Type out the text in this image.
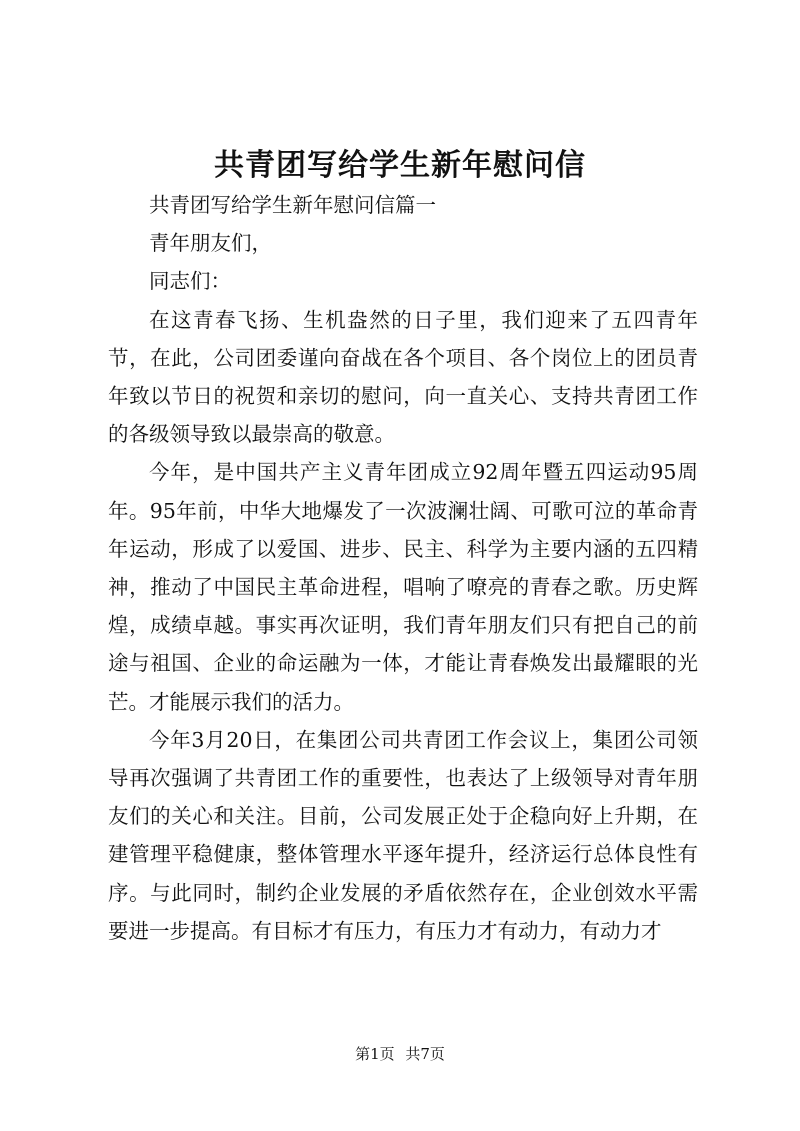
共青团写给学生新年慰问信

共青团写给学生新年慰问信篇一

青年朋友们，

同志们：

在这青春飞扬、生机盎然的日子里，我们迎来了五四青年节，在此，公司团委谨向奋战在各个项目、各个岗位上的团员青年致以节日的祝贺和亲切的慰问，向一直关心、支持共青团工作的各级领导致以最崇高的敬意。

今年，是中国共产主义青年团成立92周年暨五四运动95周年。95年前，中华大地爆发了一次波澜壮阔、可歌可泣的革命青年运动，形成了以爱国、进步、民主、科学为主要内涵的五四精神，推动了中国民主革命进程，唱响了嘹亮的青春之歌。历史辉煌，成绩卓越。事实再次证明，我们青年朋友们只有把自己的前途与祖国、企业的命运融为一体，才能让青春焕发出最耀眼的光芒。才能展示我们的活力。

今年3月20日，在集团公司共青团工作会议上，集团公司领导再次强调了共青团工作的重要性，也表达了上级领导对青年朋友们的关心和关注。目前，公司发展正处于企稳向好上升期，在建管理平稳健康，整体管理水平逐年提升，经济运行总体良性有序。与此同时，制约企业发展的矛盾依然存在，企业创效水平需要进一步提高。有目标才有压力，有压力才有动力，有动力才

第1页 共7页
